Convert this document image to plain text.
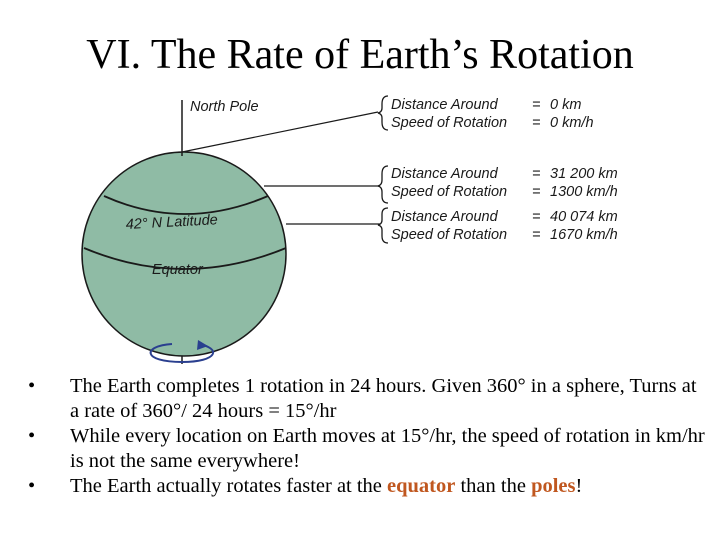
VI. The Rate of Earth’s Rotation
North Pole
42° N Latitude
Equator
Distance Around = 0 km
Speed of Rotation = 0 km/h
Distance Around = 31 200 km
Speed of Rotation = 1300 km/h
Distance Around = 40 074 km
Speed of Rotation = 1670 km/h
• The Earth completes 1 rotation in 24 hours. Given 360° in a sphere, Turns at a rate of 360°/ 24 hours = 15°/hr
• While every location on Earth moves at 15°/hr, the speed of rotation in km/hr is not the same everywhere!
• The Earth actually rotates faster at the equator than the poles!
